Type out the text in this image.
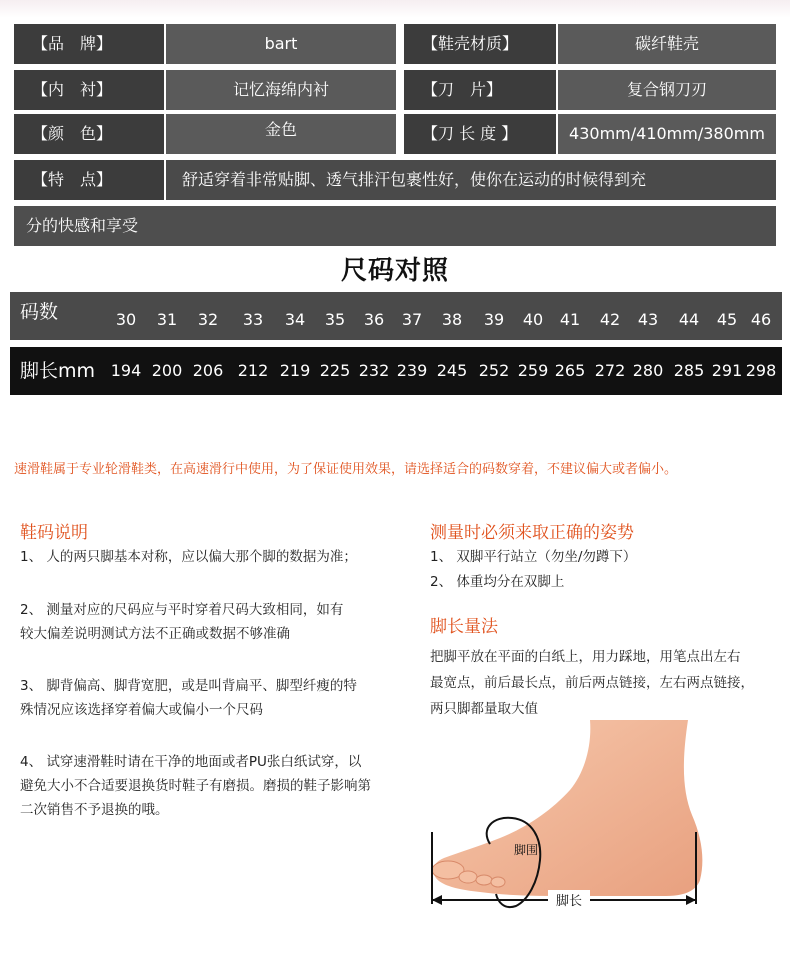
【品　牌】	bart	【鞋壳材质】	碳纤鞋壳
【内　衬】	记忆海绵内衬	【刀　片】	复合钢刀刃
【颜　色】	金色	【刀 长 度 】	430mm/410mm/380mm
【特　点】	舒适穿着非常贴脚、透气排汗包裹性好，使你在运动的时候得到充
分的快感和享受
尺码对照
码数	30	31	32	33	34	35	36	37	38	39	40	41	42	43	44	45 46
脚长mm 194 200 206 212 219 225 232 239 245 252 259 265 272 280 285 291 298
速滑鞋属于专业轮滑鞋类，在高速滑行中使用，为了保证使用效果，请选择适合的码数穿着，不建议偏大或者偏小。
鞋码说明
1、 人的两只脚基本对称，应以偏大那个脚的数据为准；
2、 测量对应的尺码应与平时穿着尺码大致相同，如有
较大偏差说明测试方法不正确或数据不够准确
3、 脚背偏高、脚背宽肥，或是叫背扁平、脚型纤瘦的特
殊情况应该选择穿着偏大或偏小一个尺码
4、 试穿速滑鞋时请在干净的地面或者PU张白纸试穿，以
避免大小不合适要退换货时鞋子有磨损。磨损的鞋子影响第
二次销售不予退换的哦。
测量时必须来取正确的姿势
1、 双脚平行站立（勿坐/勿蹲下）
2、 体重均分在双脚上
脚长量法
把脚平放在平面的白纸上，用力踩地，用笔点出左右
最宽点，前后最长点，前后两点链接，左右两点链接，
两只脚都量取大值
脚长
脚围
